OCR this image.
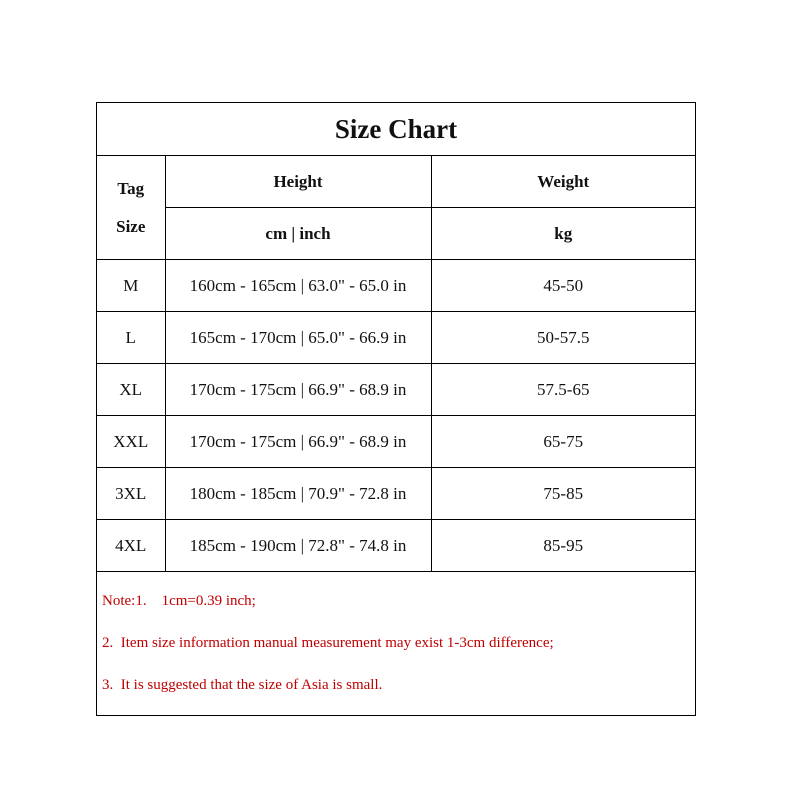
Size Chart
Tag
Size	Height	Weight
	cm | inch	kg
M	160cm - 165cm | 63.0" - 65.0 in	45-50
L	165cm - 170cm | 65.0" - 66.9 in	50-57.5
XL	170cm - 175cm | 66.9" - 68.9 in	57.5-65
XXL	170cm - 175cm | 66.9" - 68.9 in	65-75
3XL	180cm - 185cm | 70.9" - 72.8 in	75-85
4XL	185cm - 190cm | 72.8" - 74.8 in	85-95
Note:1.    1cm=0.39 inch;
2.  Item size information manual measurement may exist 1-3cm difference;
3.  It is suggested that the size of Asia is small.
